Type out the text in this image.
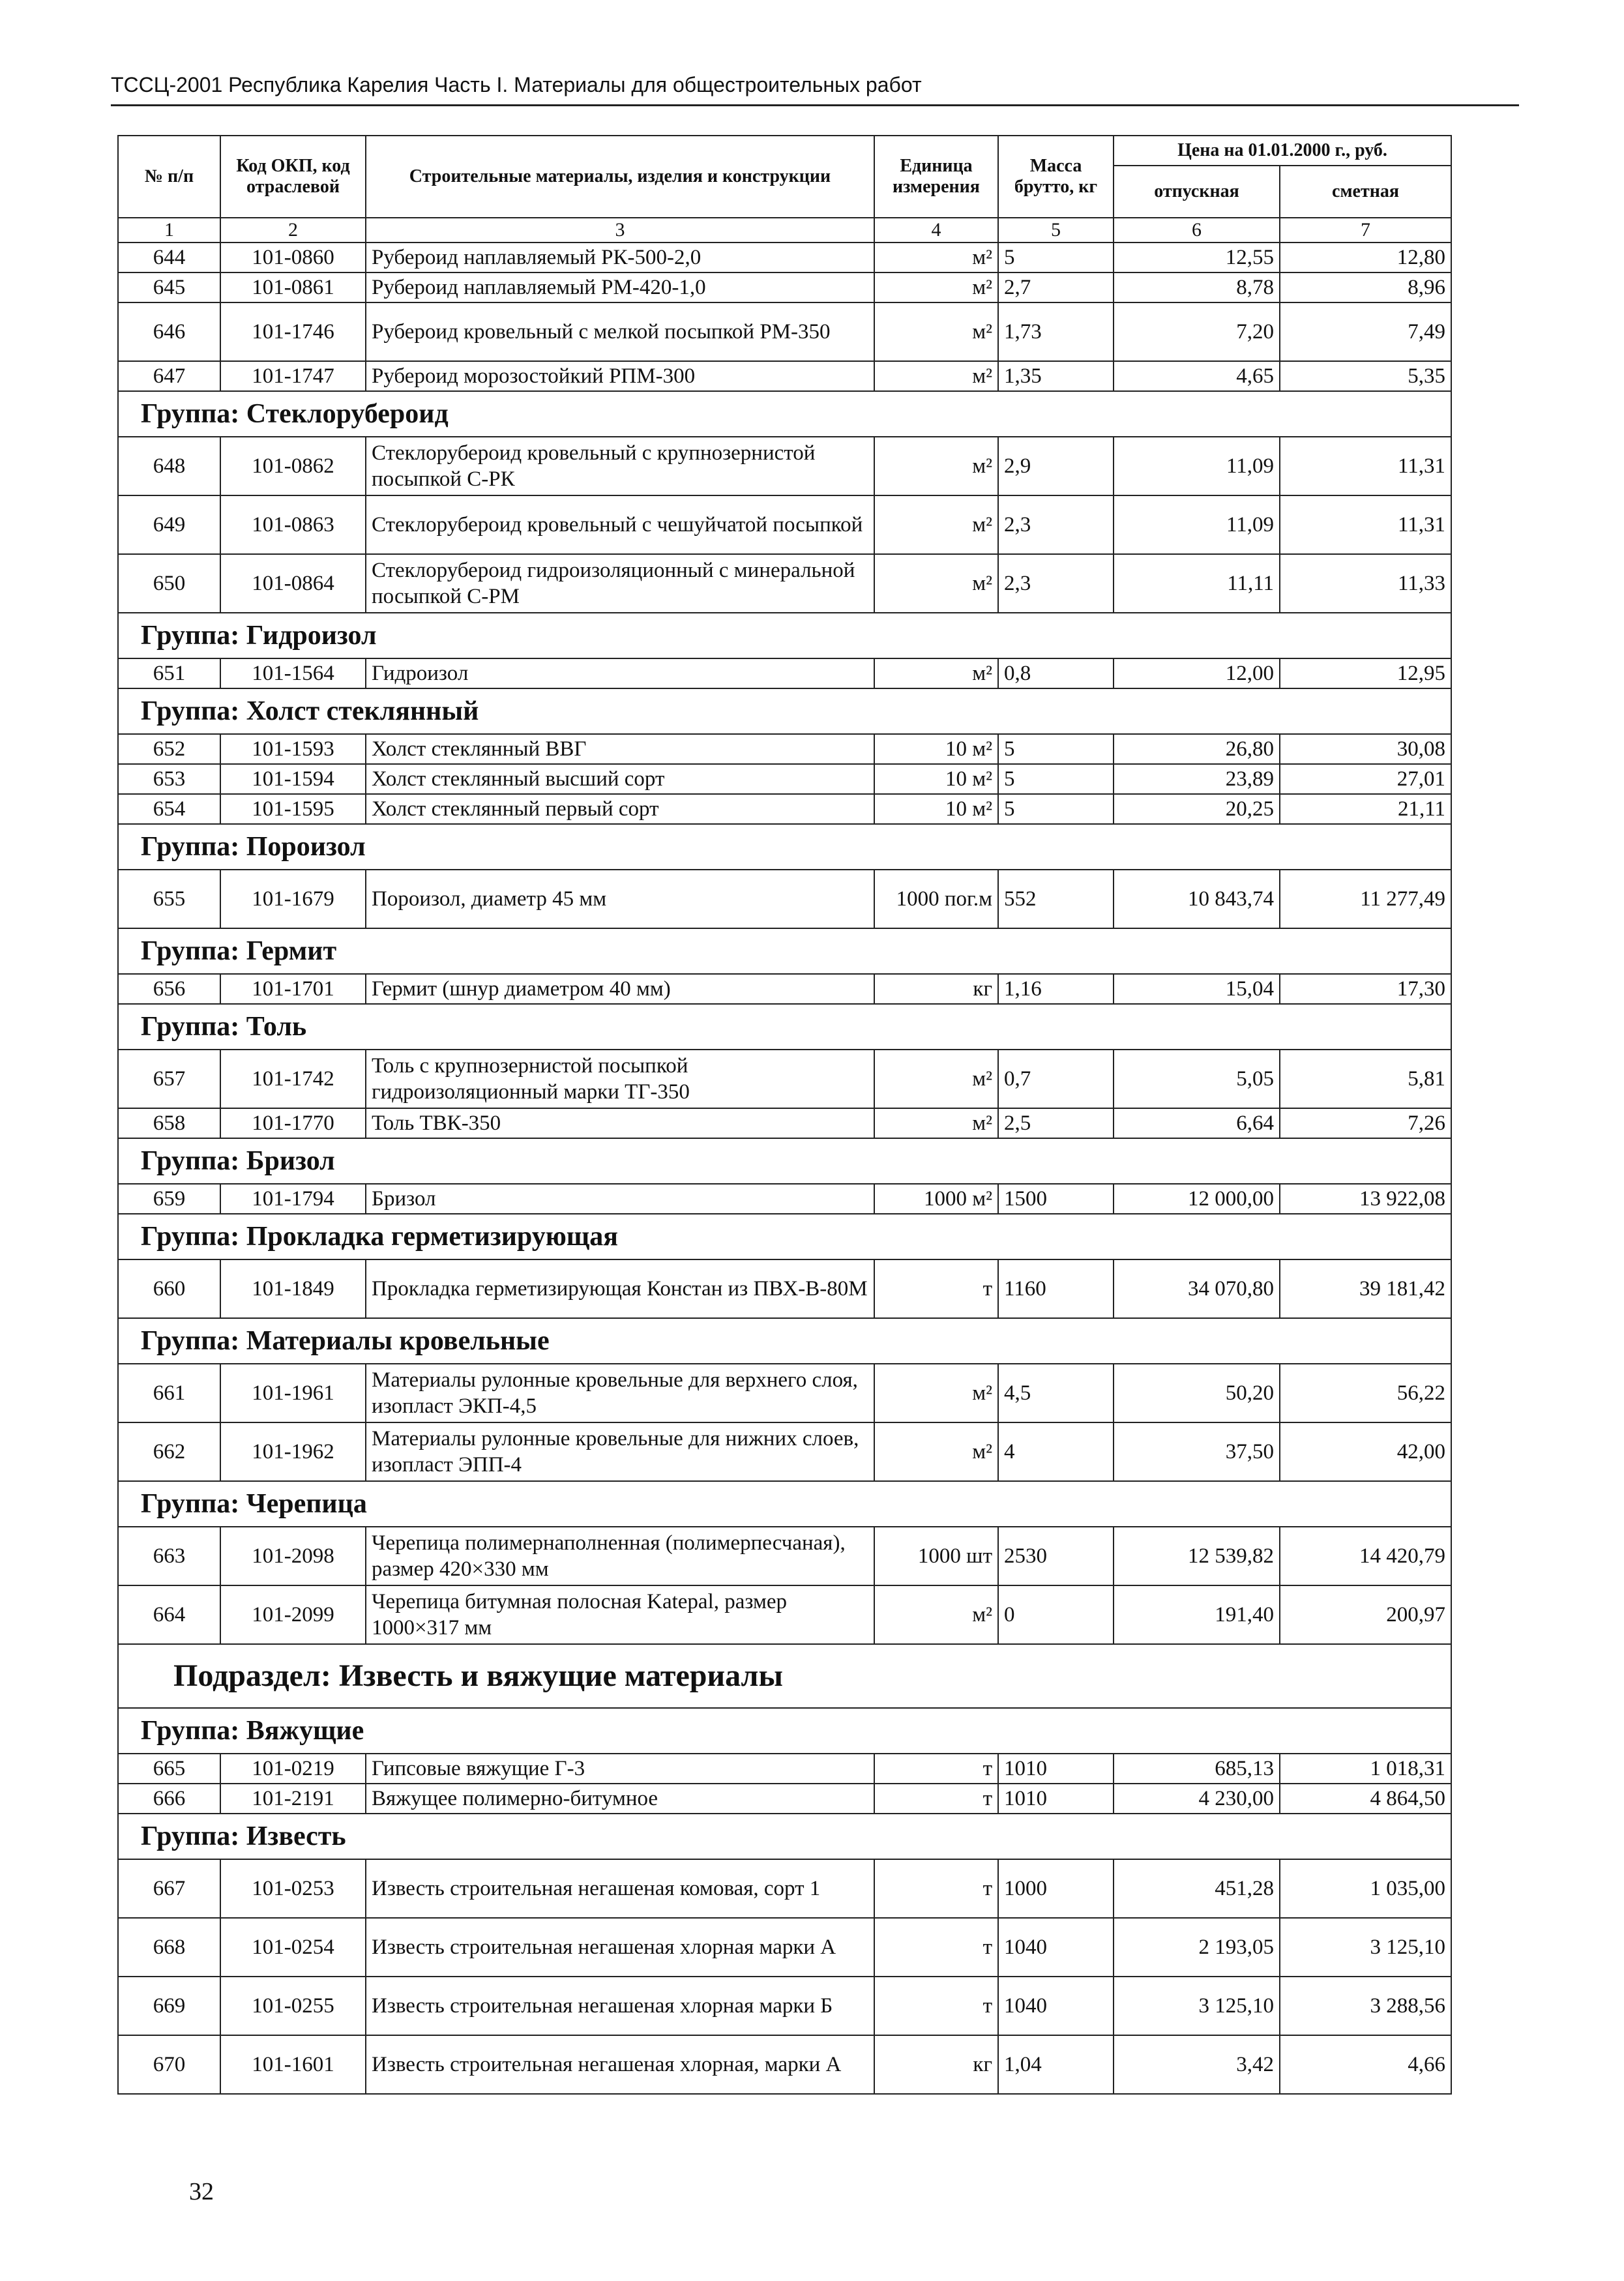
ТССЦ-2001 Республика Карелия Часть I. Материалы для общестроительных работ
№ п/п	Код ОКП, код отраслевой	Строительные материалы, изделия и конструкции	Единица измерения	Масса брутто, кг	Цена на 01.01.2000 г., руб.	
					отпускная	сметная
1	2	3	4	5	6	7
644	101-0860	Рубероид наплавляемый РК-500-2,0	м²	5	12,55	12,80
645	101-0861	Рубероид наплавляемый РМ-420-1,0	м²	2,7	8,78	8,96
646	101-1746	Рубероид кровельный с мелкой посыпкой РМ-350	м²	1,73	7,20	7,49
647	101-1747	Рубероид морозостойкий РПМ-300	м²	1,35	4,65	5,35
Группа: Стеклорубероид						
648	101-0862	Стеклорубероид кровельный с крупнозернистой посыпкой С-РК	м²	2,9	11,09	11,31
649	101-0863	Стеклорубероид кровельный с чешуйчатой посыпкой	м²	2,3	11,09	11,31
650	101-0864	Стеклорубероид гидроизоляционный с минеральной посыпкой С-РМ	м²	2,3	11,11	11,33
Группа: Гидроизол						
651	101-1564	Гидроизол	м²	0,8	12,00	12,95
Группа: Холст стеклянный						
652	101-1593	Холст стеклянный ВВГ	10 м²	5	26,80	30,08
653	101-1594	Холст стеклянный высший сорт	10 м²	5	23,89	27,01
654	101-1595	Холст стеклянный первый сорт	10 м²	5	20,25	21,11
Группа: Пороизол						
655	101-1679	Пороизол, диаметр 45 мм	1000 пог.м	552	10 843,74	11 277,49
Группа: Гермит						
656	101-1701	Гермит (шнур диаметром 40 мм)	кг	1,16	15,04	17,30
Группа: Толь						
657	101-1742	Толь с крупнозернистой посыпкой гидроизоляционный марки ТГ-350	м²	0,7	5,05	5,81
658	101-1770	Толь ТВК-350	м²	2,5	6,64	7,26
Группа: Бризол						
659	101-1794	Бризол	1000 м²	1500	12 000,00	13 922,08
Группа: Прокладка герметизирующая						
660	101-1849	Прокладка герметизирующая Констан из ПВХ-В-80М	т	1160	34 070,80	39 181,42
Группа: Материалы кровельные						
661	101-1961	Материалы рулонные кровельные для верхнего слоя, изопласт ЭКП-4,5	м²	4,5	50,20	56,22
662	101-1962	Материалы рулонные кровельные для нижних слоев, изопласт ЭПП-4	м²	4	37,50	42,00
Группа: Черепица						
663	101-2098	Черепица полимернаполненная (полимерпесчаная), размер 420×330 мм	1000 шт	2530	12 539,82	14 420,79
664	101-2099	Черепица битумная полосная Katepal, размер 1000×317 мм	м²	0	191,40	200,97
Подраздел: Известь и вяжущие материалы						
Группа: Вяжущие						
665	101-0219	Гипсовые вяжущие Г-3	т	1010	685,13	1 018,31
666	101-2191	Вяжущее полимерно-битумное	т	1010	4 230,00	4 864,50
Группа: Известь						
667	101-0253	Известь строительная негашеная комовая, сорт 1	т	1000	451,28	1 035,00
668	101-0254	Известь строительная негашеная хлорная марки А	т	1040	2 193,05	3 125,10
669	101-0255	Известь строительная негашеная хлорная марки Б	т	1040	3 125,10	3 288,56
670	101-1601	Известь строительная негашеная хлорная, марки А	кг	1,04	3,42	4,66
32
